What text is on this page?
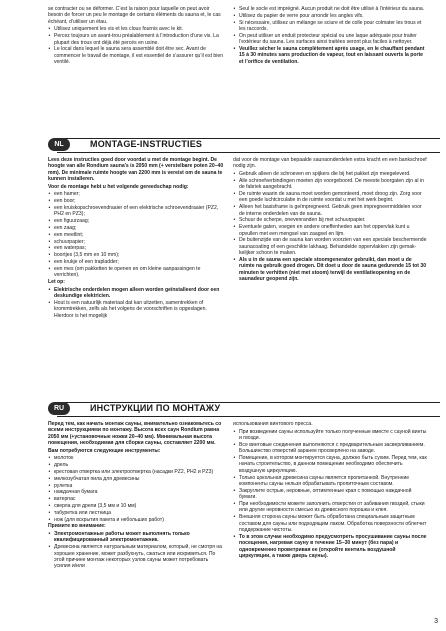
se contracter ou se déformer. C’est la raison pour laquelle on peut avoir besoin de forcer un peu le montage de certains éléments du sauna et, le cas échéant, d’utiliser un étau.

• Utilisez uniquement les vis et les clous fournis avec le kit.
• Percez toujours un avant-trou préalablement à l’introduction d’une vis. La plupart des trous ont déjà été percés en usine.
• Le local dans lequel le sauna sera assemblé doit être sec. Avant de commencer le travail de montage, il est essentiel de s’assurer qu’il est bien ventilé.
• Seul le socle est imprégné. Aucun produit ne doit être utilisé à l’intérieur du sauna.
• Utilisez du papier de verre pour arrondir les angles vifs.
• Si nécessaire, utilisez un mélange se sciure et de colle pour colmater les trous et les raccords.
• On peut utiliser un enduit protecteur spécial ou une laque adéquate pour traiter l’extérieur du sauna. Les surfaces ainsi traitées seront plus faciles à nettoyer.
• Veuillez sécher le sauna complètement après usage, en le chauffant pendant 15 à 30 minutes sans production de vapeur, tout en laissant ouverts la porte et l’orifice de ventilation.
NL	MONTAGE-INSTRUCTIES

Lees deze instructies goed door voordat u met de montage begint. De hoogte van alle Rondium sauna’s is 2050 mm (+ verstelbare poten 20–40 mm). De minimale ruimte hoogte van 2200 mm is vereist om de sauna te kunnen installeren.

Voor de montage hebt u het volgende gereedschap nodig:

• een hamer;
• een boor;
• een kruiskopschroevendraaier of een elektrische schroevendraaier (PZ2, PH2 en PZ3);
• een figuurzaag;
• een zaag;
• een meetlint;
• schuurpapier;
• een waterpas;
• boortjes (3,5 mm en 10 mm);
• een krukje of een trapladder;
• een mes (om pakketten te openen en om kleine aanpassingen te verrichten).

Let op:

• Elektrische onderdelen mogen alleen worden geïnstalleerd door een deskundige elektricien.
• Hout is een natuurlijk materiaal dat kan uitzetten, samentrekken of krommtrekken, zelfs als het volgens de voorschriften is opgeslagen. Hierdoor is het mogelijk

dat voor de montage van bepaalde saunaonderdelen extra kracht en een bankschroef nodig zijn.

• Gebruik alleen de schroeven en spijkers die bij het pakket zijn meegeleverd.
• Alle schroefverbindingen moeten zijn voorgeboord. De meeste boorgaten zijn al in de fabriek aangebracht.
• De ruimte waarin de sauna moet worden gemonteerd, moet droog zijn. Zorg voor een goede luchtcirculatie in de ruimte voordat u met het werk begint.
• Alleen het basisframe is geïmpregneerd. Gebruik geen impregneermiddelen voor de interne onderdelen van de sauna.
• Schuur de scherpe, onevenranden bij met schuurpapier.
• Eventuele gaten, voegen en andere oneffenheden aan het oppervlak kunt u opvullen met een mengsel van zaagsel en lijm.
• De buitenzijde van de sauna kan worden voorzien van een speciale beschermende saunacoating of een geschikte lakhaag. Behandelde oppervlakken zijn gemakkelijker schoon te maken.
• Als u in de sauna een speciale stoomgenerator gebruikt, dan moet u de ruimte na gebruik goed drogen. Dit doet u door de sauna gedurende 15 tot 30 minuten te verhitten (niet met stoom) terwijl de ventilatieopening en de saunadeur geopend zijn.
RU	ИНСТРУКЦИИ ПО МОНТАЖУ

Перед тем, как начать монтаж сауны, внимательно ознакомьтесь со всеми инструкциями по монтажу. Высота всех саун Rondium равна 2050 мм (+установочные ножки 20–40 мм). Минимальная высота помещения, необходимая для сборки сауны, составляет 2200 мм.

Вам потребуются следующие инструменты:

• молоток
• дрель
• крестовая отвертка или электроотвертка (насадки PZ2, PH2 и PZ3)
• мелкозубчатая пила для древесины
• рулетка
• наждачная бумага
• ватерпас
• сверла для дрели (3,5 мм и 10 мм)
• табуретка или лестница
• нож (для вскрытия пакета и небольших работ)

Примите во внимание:

• Электромонтажные работы может выполнять только квалифицированный электромонтажник.
• Древесина является натуральным материалом, который, не смотря на хорошее хранение, может разбухнуть, сжаться или искривиться. По этой причине монтаж некоторых узлов сауны может потребовать усилия и/или

использования винтового пресса.

• При возведении сауны используйте только полученные вместе с сауной винты и гвозди.
• Все винтовые соединения выполняются с предварительным засверливанием. Большинство отверстий заранее просверлено на заводе.
• Помещение, в котором монтируется сауна, должно быть сухим. Перед тем, как начать строительство, в данном помещении необходимо обеспечить воздушную циркуляцию.
• Только цокольная древесина сауны является пропитанной. Внутренние компоненты сауны нельзя обрабатывать пропиточным составом.
• Закруглите острые, неровные, оптимтенные края с помощью наждачной бумаги.
• При необходимости можете заполнить отверстия от забивания гвоздей, стыки или другие неровности смесью из древесного порошка и клея.
• Внешняя сторона сауны может быть обработана специальным защитным составом для сауны или подходящим лаком. Обработка поверхности облегчит поддержание чистоты.
• То в этом случае необходимо предусмотреть просушивание сауны после посещения, нагревая сауну в течение 15–30 минут (без пара) и одновременно проветривая ее (откройте вентиль воздушной циркуляции, а также дверь сауны).
3
